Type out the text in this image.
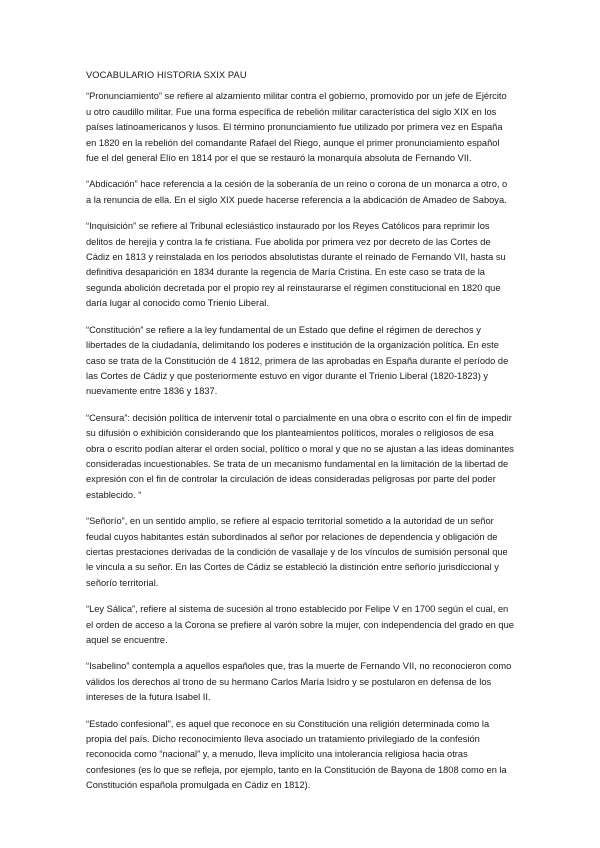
VOCABULARIO HISTORIA SXIX PAU

“Pronunciamiento” se refiere al alzamiento militar contra el gobierno, promovido por un jefe de Ejército u otro caudillo militar. Fue una forma específica de rebelión militar característica del siglo XIX en los países latinoamericanos y lusos. El término pronunciamiento fue utilizado por primera vez en España en 1820 en la rebelión del comandante Rafael del Riego, aunque el primer pronunciamiento español fue el del general Elío en 1814 por el que se restauró la monarquía absoluta de Fernando VII.

“Abdicación” hace referencia a la cesión de la soberanía de un reino o corona de un monarca a otro, o a la renuncia de ella. En el siglo XIX puede hacerse referencia a la abdicación de Amadeo de Saboya.

“Inquisición” se refiere al Tribunal eclesiástico instaurado por los Reyes Católicos para reprimir los delitos de herejía y contra la fe cristiana. Fue abolida por primera vez por decreto de las Cortes de Cádiz en 1813 y reinstalada en los periodos absolutistas durante el reinado de Fernando VII, hasta su definitiva desaparición en 1834 durante la regencia de María Cristina. En este caso se trata de la segunda abolición decretada por el propio rey al reinstaurarse el régimen constitucional en 1820 que daría lugar al conocido como Trienio Liberal.

“Constitución” se refiere a la ley fundamental de un Estado que define el régimen de derechos y libertades de la ciudadanía, delimitando los poderes e institución de la organización política. En este caso se trata de la Constitución de 4 1812, primera de las aprobadas en España durante el período de las Cortes de Cádiz y que posteriormente estuvo en vigor durante el Trienio Liberal (1820-1823) y nuevamente entre 1836 y 1837.

“Censura”: decisión política de intervenir total o parcialmente en una obra o escrito con el fin de impedir su difusión o exhibición considerando que los planteamientos políticos, morales o religiosos de esa obra o escrito podían alterar el orden social, político o moral y que no se ajustan a las ideas dominantes consideradas incuestionables. Se trata de un mecanismo fundamental en la limitación de la libertad de expresión con el fin de controlar la circulación de ideas consideradas peligrosas por parte del poder establecido. “

“Señorío”, en un sentido amplio, se refiere al espacio territorial sometido a la autoridad de un señor feudal cuyos habitantes están subordinados al señor por relaciones de dependencia y obligación de ciertas prestaciones derivadas de la condición de vasallaje y de los vínculos de sumisión personal que le vincula a su señor. En las Cortes de Cádiz se estableció la distinción entre señorío jurisdiccional y señorío territorial.

“Ley Sálica”, refiere al sistema de sucesión al trono establecido por Felipe V en 1700 según el cual, en el orden de acceso a la Corona se prefiere al varón sobre la mujer, con independencia del grado en que aquel se encuentre.

“Isabelino” contempla a aquellos españoles que, tras la muerte de Fernando VII, no reconocieron como válidos los derechos al trono de su hermano Carlos María Isidro y se postularon en defensa de los intereses de la futura Isabel II.

“Estado confesional”, es aquel que reconoce en su Constitución una religión determinada como la propia del país. Dicho reconocimiento lleva asociado un tratamiento privilegiado de la confesión reconocida como “nacional” y, a menudo, lleva implícito una intolerancia religiosa hacia otras confesiones (es lo que se refleja, por ejemplo, tanto en la Constitución de Bayona de 1808 como en la Constitución española promulgada en Cádiz en 1812).
